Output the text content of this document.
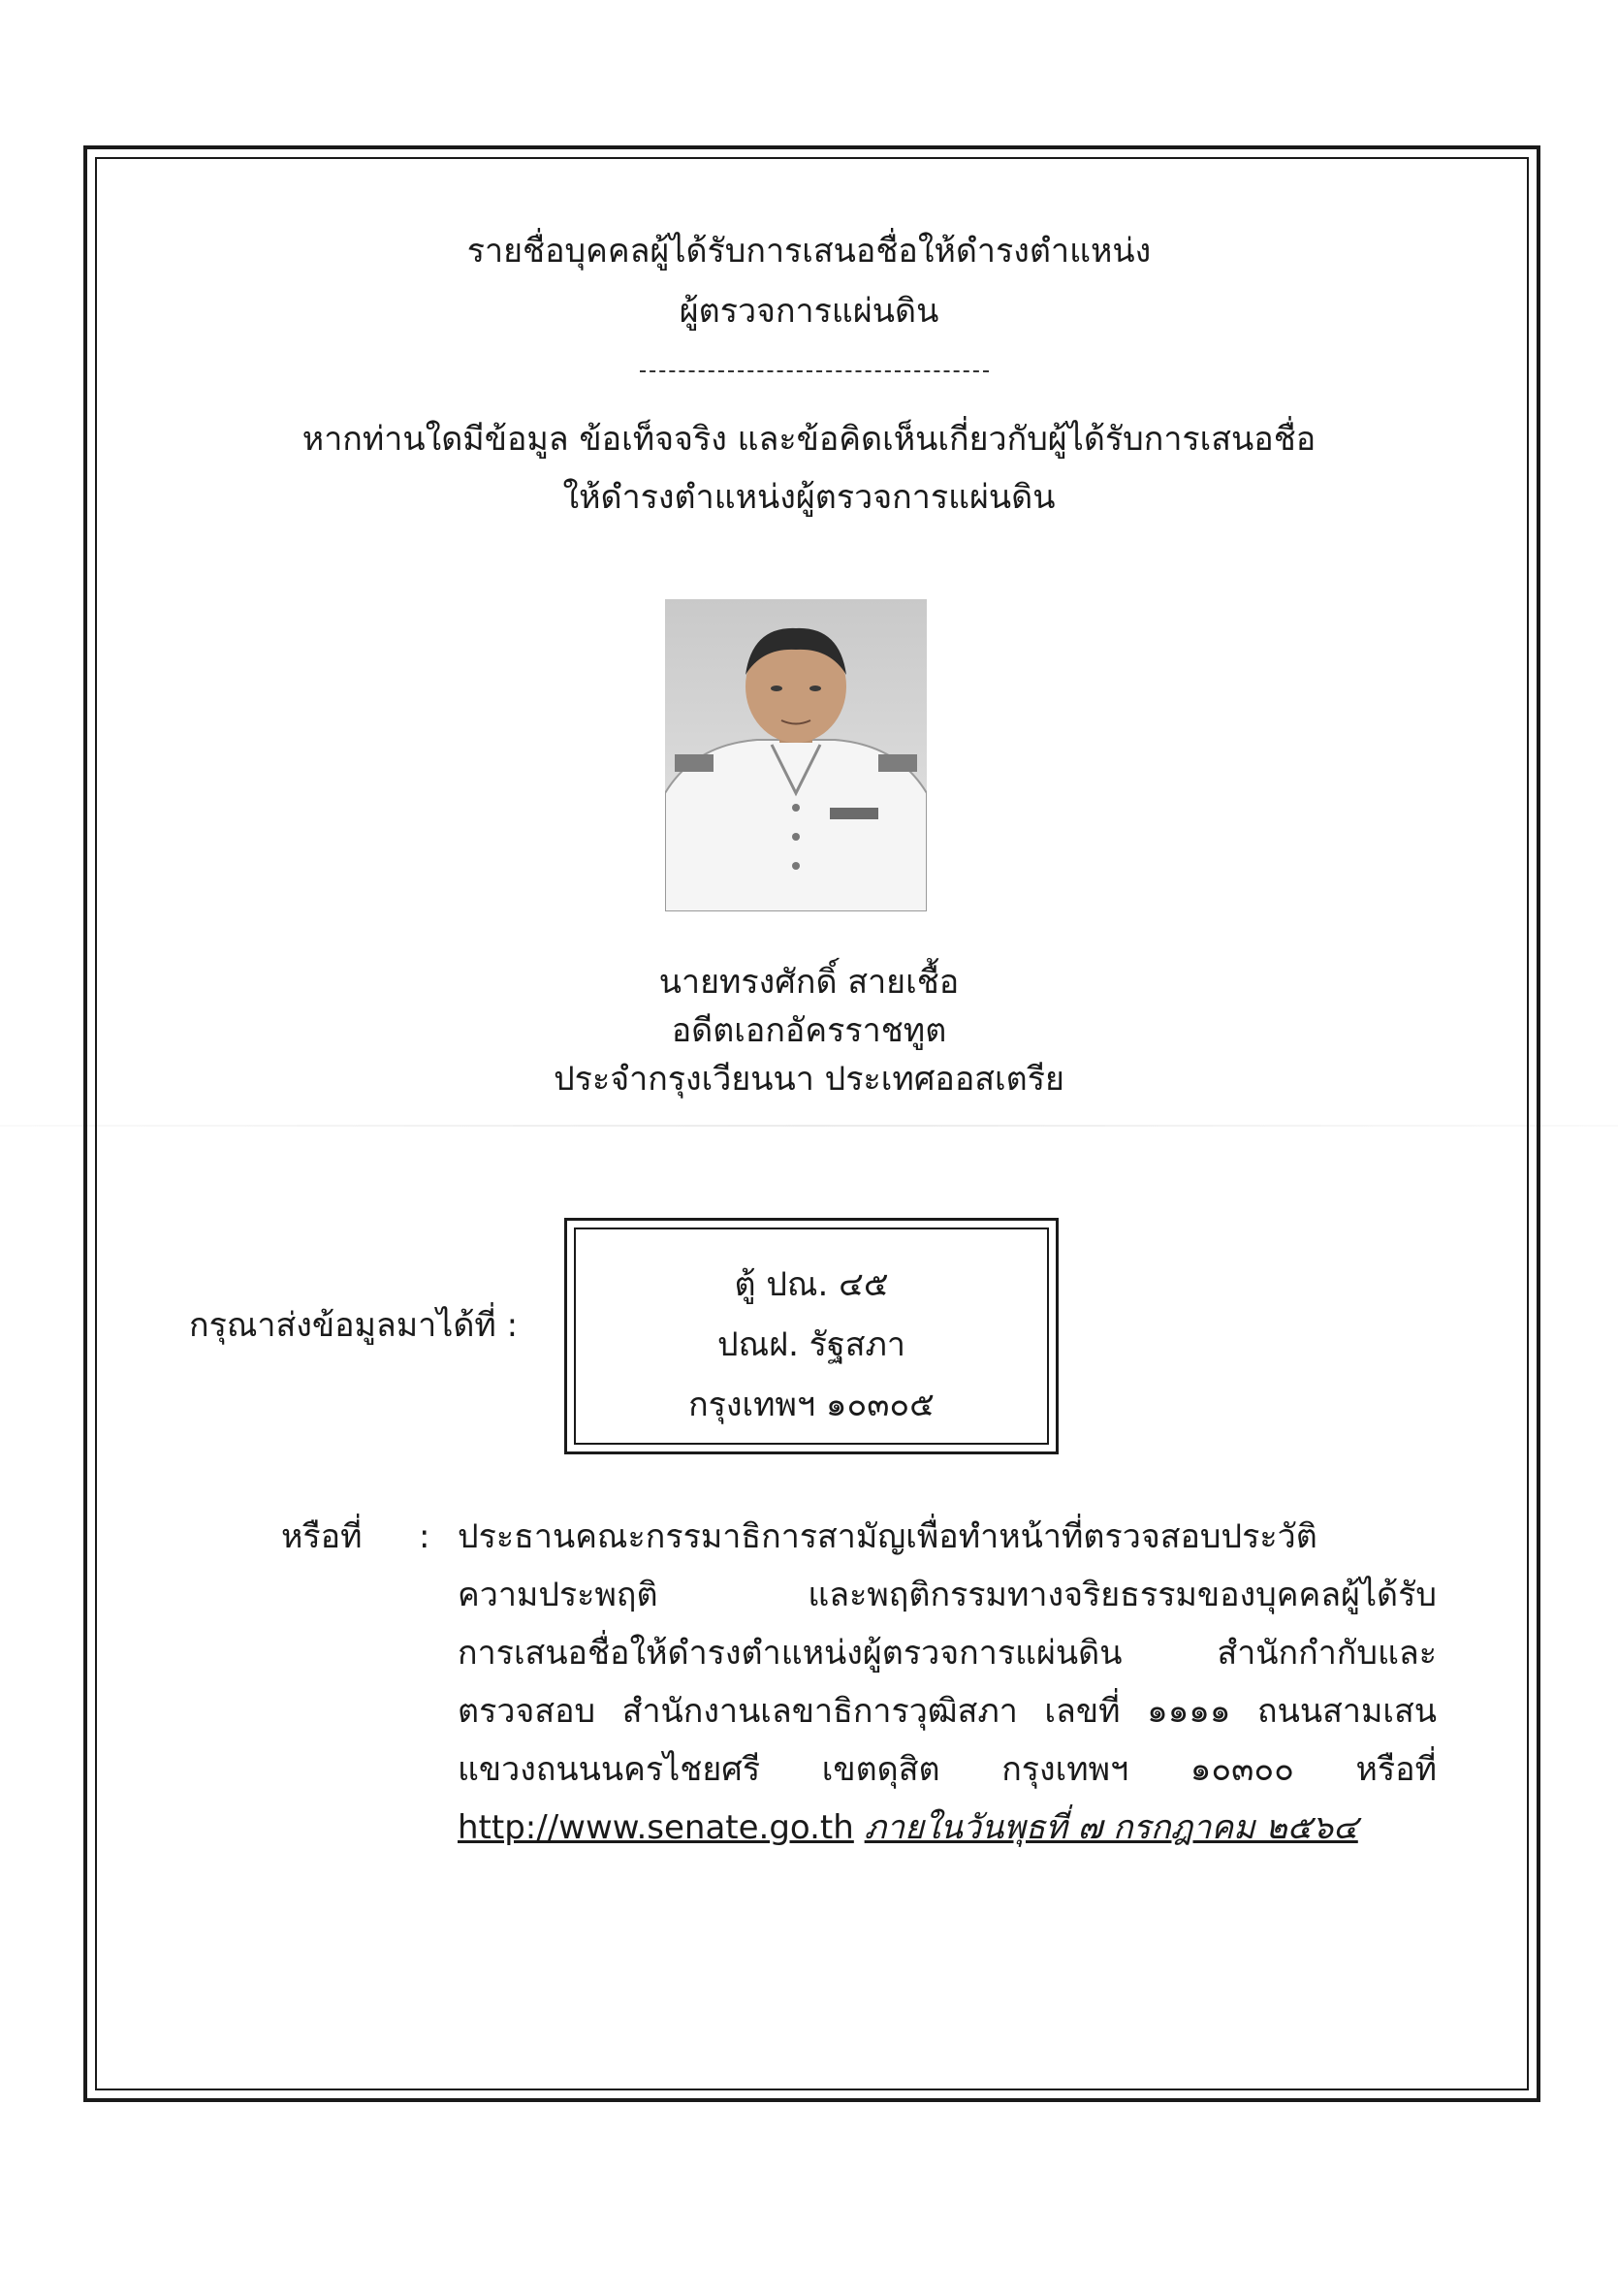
รายชื่อบุคคลผู้ได้รับการเสนอชื่อให้ดำรงตำแหน่ง
ผู้ตรวจการแผ่นดิน
หากท่านใดมีข้อมูล ข้อเท็จจริง และข้อคิดเห็นเกี่ยวกับผู้ได้รับการเสนอชื่อ
ให้ดำรงตำแหน่งผู้ตรวจการแผ่นดิน
นายทรงศักดิ์ สายเชื้อ
อดีตเอกอัครราชทูต
ประจำกรุงเวียนนา ประเทศออสเตรีย
กรุณาส่งข้อมูลมาได้ที่ :
ตู้ ปณ. ๔๕
ปณฝ. รัฐสภา
กรุงเทพฯ ๑๐๓๐๕
หรือที่ : ประธานคณะกรรมาธิการสามัญเพื่อทำหน้าที่ตรวจสอบประวัติ
ความประพฤติ และพฤติกรรมทางจริยธรรมของบุคคลผู้ได้รับ
การเสนอชื่อให้ดำรงตำแหน่งผู้ตรวจการแผ่นดิน สำนักกำกับและ
ตรวจสอบ สำนักงานเลขาธิการวุฒิสภา เลขที่ ๑๑๑๑ ถนนสามเสน
แขวงถนนนครไชยศรี เขตดุสิต กรุงเทพฯ ๑๐๓๐๐ หรือที่
http://www.senate.go.th ภายในวันพุธที่ ๗ กรกฎาคม ๒๕๖๔
